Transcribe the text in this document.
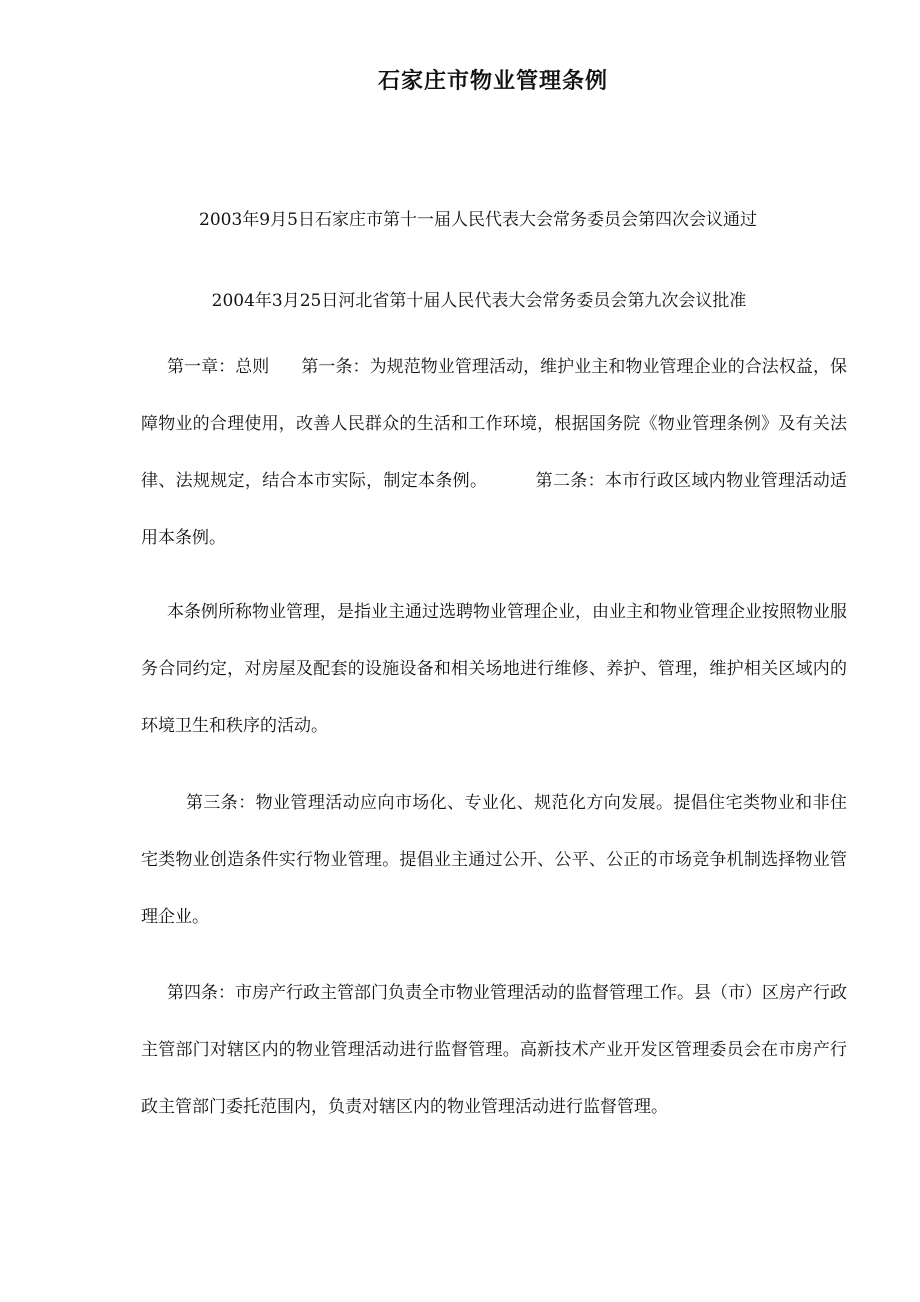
石家庄市物业管理条例
2003年9月5日石家庄市第十一届人民代表大会常务委员会第四次会议通过
2004年3月25日河北省第十届人民代表大会常务委员会第九次会议批准

第一章：总则 第一条：为规范物业管理活动，维护业主和物业管理企业的合法权益，保障物业的合理使用，改善人民群众的生活和工作环境，根据国务院《物业管理条例》及有关法律、法规规定，结合本市实际，制定本条例。	第二条：本市行政区域内物业管理活动适用本条例。

本条例所称物业管理，是指业主通过选聘物业管理企业，由业主和物业管理企业按照物业服务合同约定，对房屋及配套的设施设备和相关场地进行维修、养护、管理，维护相关区域内的环境卫生和秩序的活动。

第三条：物业管理活动应向市场化、专业化、规范化方向发展。提倡住宅类物业和非住宅类物业创造条件实行物业管理。提倡业主通过公开、公平、公正的市场竞争机制选择物业管理企业。

第四条：市房产行政主管部门负责全市物业管理活动的监督管理工作。县（市）区房产行政主管部门对辖区内的物业管理活动进行监督管理。高新技术产业开发区管理委员会在市房产行政主管部门委托范围内，负责对辖区内的物业管理活动进行监督管理。
